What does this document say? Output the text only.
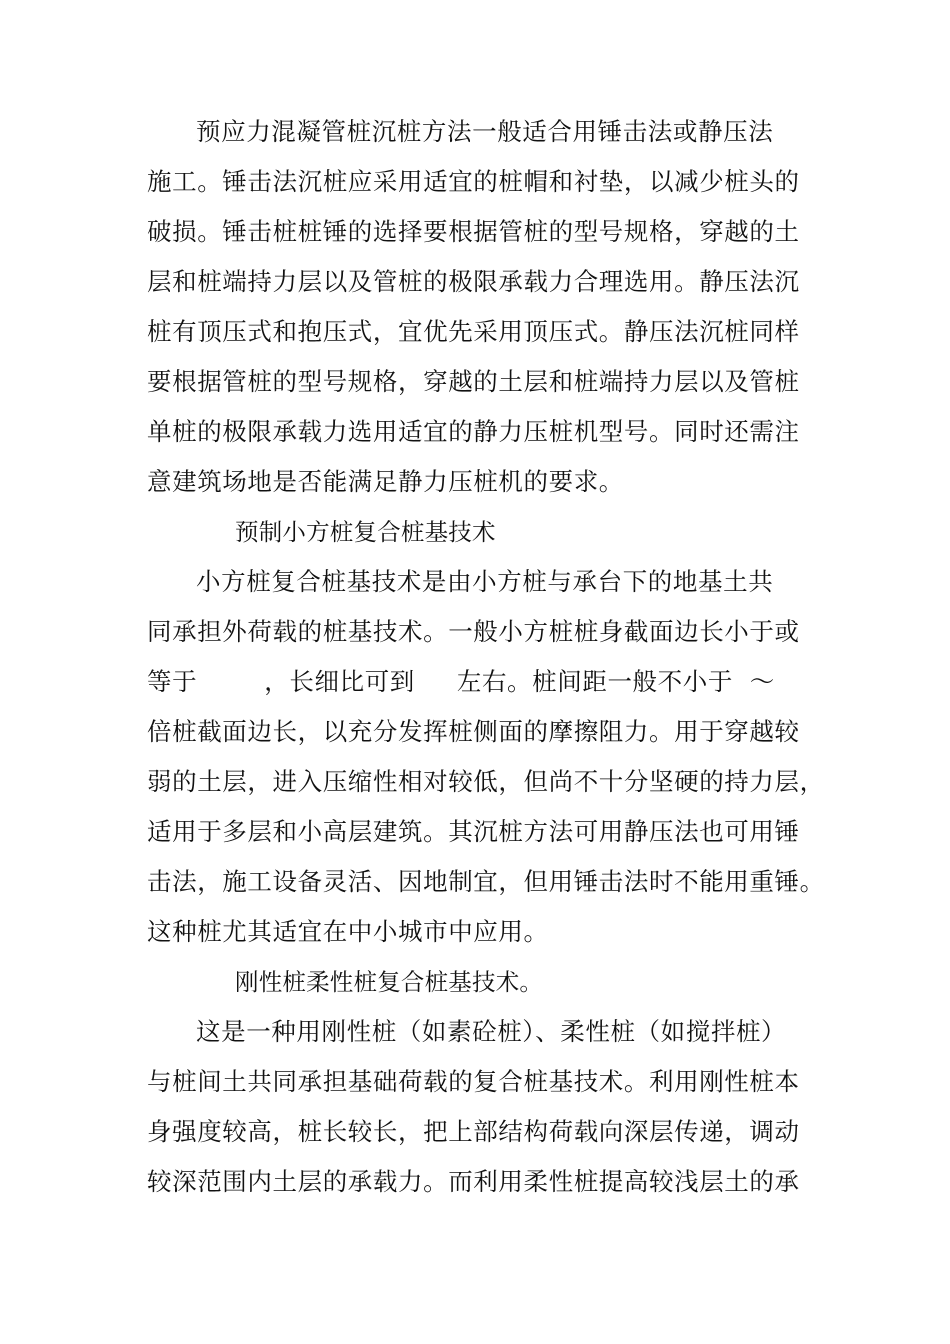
预应力混凝管桩沉桩方法一般适合用锤击法或静压法
施工。锤击法沉桩应采用适宜的桩帽和衬垫，以减少桩头的
破损。锤击桩桩锤的选择要根据管桩的型号规格，穿越的土
层和桩端持力层以及管桩的极限承载力合理选用。静压法沉
桩有顶压式和抱压式，宜优先采用顶压式。静压法沉桩同样
要根据管桩的型号规格，穿越的土层和桩端持力层以及管桩
单桩的极限承载力选用适宜的静力压桩机型号。同时还需注
意建筑场地是否能满足静力压桩机的要求。
预制小方桩复合桩基技术
小方桩复合桩基技术是由小方桩与承台下的地基土共
同承担外荷载的桩基技术。一般小方桩桩身截面边长小于或
等于        ，长细比可到     左右。桩间距一般不小于  ～
倍桩截面边长，以充分发挥桩侧面的摩擦阻力。用于穿越较
弱的土层，进入压缩性相对较低，但尚不十分坚硬的持力层，
适用于多层和小高层建筑。其沉桩方法可用静压法也可用锤
击法，施工设备灵活、因地制宜，但用锤击法时不能用重锤。
这种桩尤其适宜在中小城市中应用。
刚性桩柔性桩复合桩基技术。
这是一种用刚性桩（如素砼桩）、柔性桩（如搅拌桩）
与桩间土共同承担基础荷载的复合桩基技术。利用刚性桩本
身强度较高，桩长较长，把上部结构荷载向深层传递，调动
较深范围内土层的承载力。而利用柔性桩提高较浅层土的承
